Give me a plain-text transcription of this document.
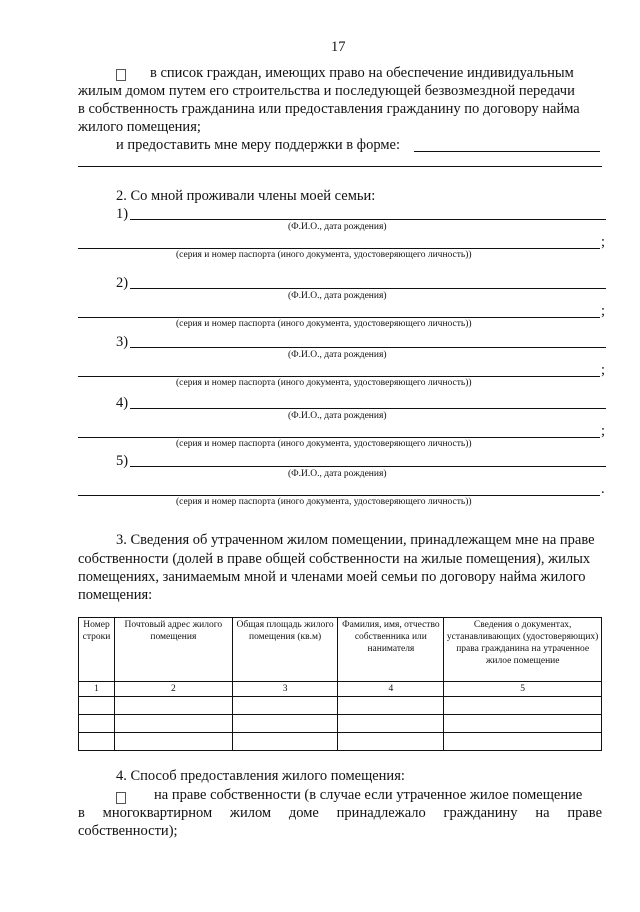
17
в список граждан, имеющих право на обеспечение индивидуальным
жилым домом путем его строительства и последующей безвозмездной передачи
в собственность гражданина или предоставления гражданину по договору найма
жилого помещения;
и предоставить мне меру поддержки в форме:
2. Со мной проживали члены моей семьи:
1)
(Ф.И.О., дата рождения)
;
(серия и номер паспорта (иного документа, удостоверяющего личность))
2)
(Ф.И.О., дата рождения)
;
(серия и номер паспорта (иного документа, удостоверяющего личность))
3)
(Ф.И.О., дата рождения)
;
(серия и номер паспорта (иного документа, удостоверяющего личность))
4)
(Ф.И.О., дата рождения)
;
(серия и номер паспорта (иного документа, удостоверяющего личность))
5)
(Ф.И.О., дата рождения)
.
(серия и номер паспорта (иного документа, удостоверяющего личность))
3. Сведения об утраченном жилом помещении, принадлежащем мне на праве
собственности (долей в праве общей собственности на жилые помещения), жилых
помещениях, занимаемым мной и членами моей семьи по договору найма жилого
помещения:
Номер строки	Почтовый адрес жилого помещения	Общая площадь жилого помещения (кв.м)	Фамилия, имя, отчество собственника или нанимателя	Сведения о документах, устанавливающих (удостоверяющих) права гражданина на утраченное жилое помещение
1	2	3	4	5

4. Способ предоставления жилого помещения:
на праве собственности (в случае если утраченное жилое помещение
в многоквартирном жилом доме принадлежало гражданину на праве
собственности);
